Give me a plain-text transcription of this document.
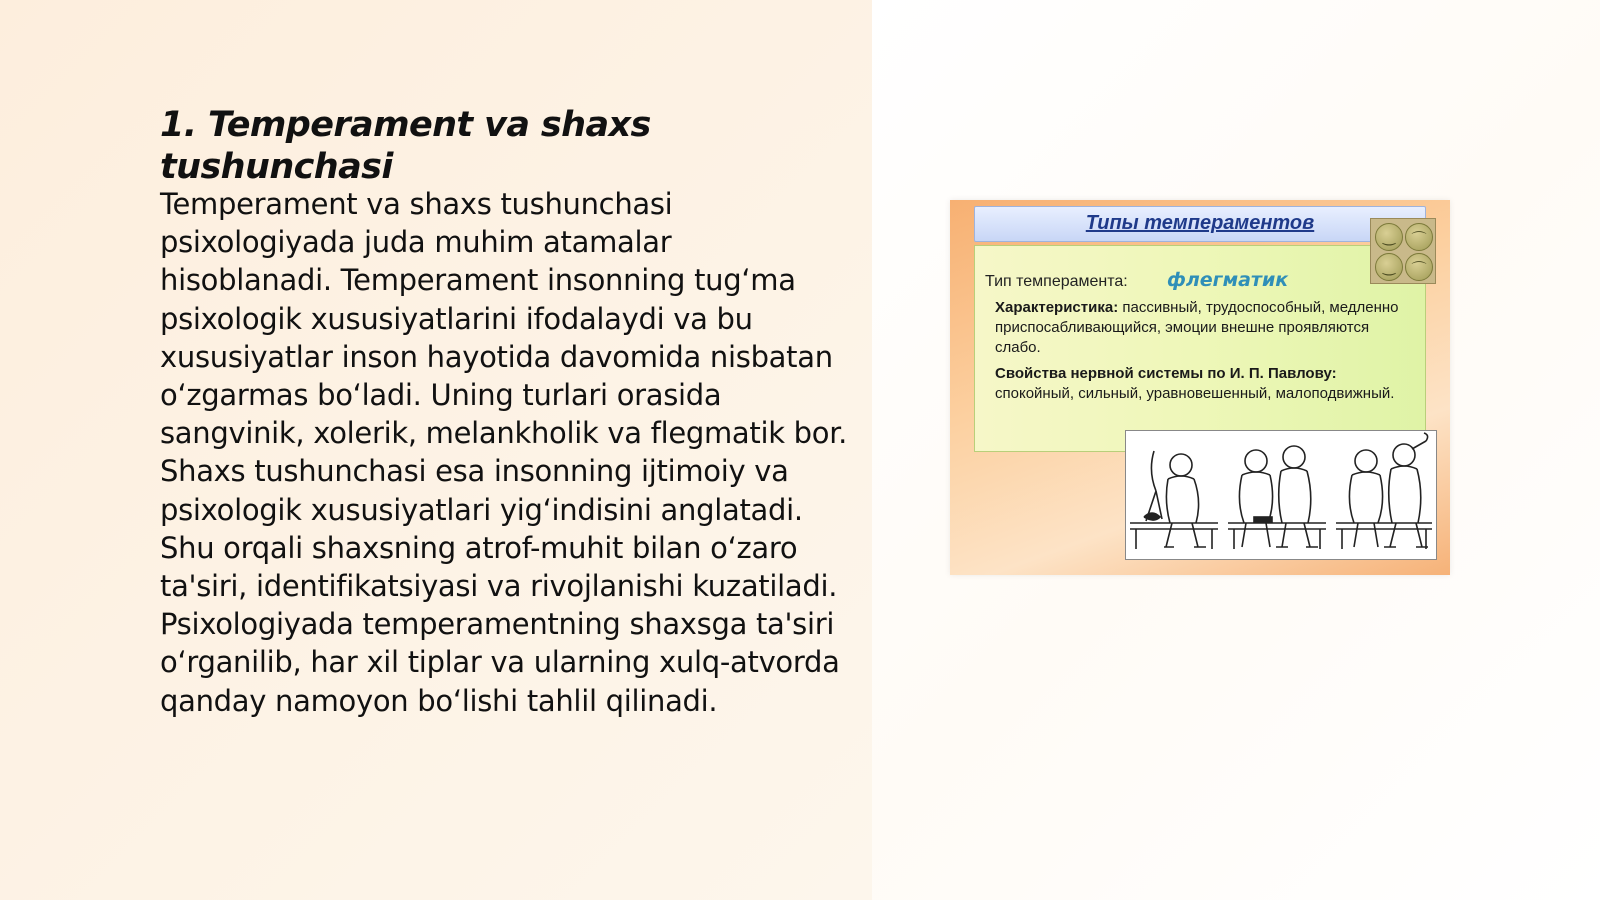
1. Temperament va shaxs tushunchasi

Temperament va shaxs tushunchasi psixologiyada juda muhim atamalar hisoblanadi. Temperament insonning tugʻma psixologik xususiyatlarini ifodalaydi va bu xususiyatlar inson hayotida davomida nisbatan oʻzgarmas boʻladi. Uning turlari orasida sangvinik, xolerik, melankholik va flegmatik bor. Shaxs tushunchasi esa insonning ijtimoiy va psixologik xususiyatlari yigʻindisini anglatadi. Shu orqali shaxsning atrof-muhit bilan oʻzaro ta'siri, identifikatsiyasi va rivojlanishi kuzatiladi. Psixologiyada temperamentning shaxsga ta'siri oʻrganilib, har xil tiplar va ularning xulq-atvorda qanday namoyon boʻlishi tahlil qilinadi.

Типы темпераментов
Тип темперамента: флегматик
Характеристика: пассивный, трудоспособный, медленно приспосабливающийся, эмоции внешне проявляются слабо.
Свойства нервной системы по И. П. Павлову: спокойный, сильный, уравновешенный, малоподвижный.
‿	⌒
‿	⌒
